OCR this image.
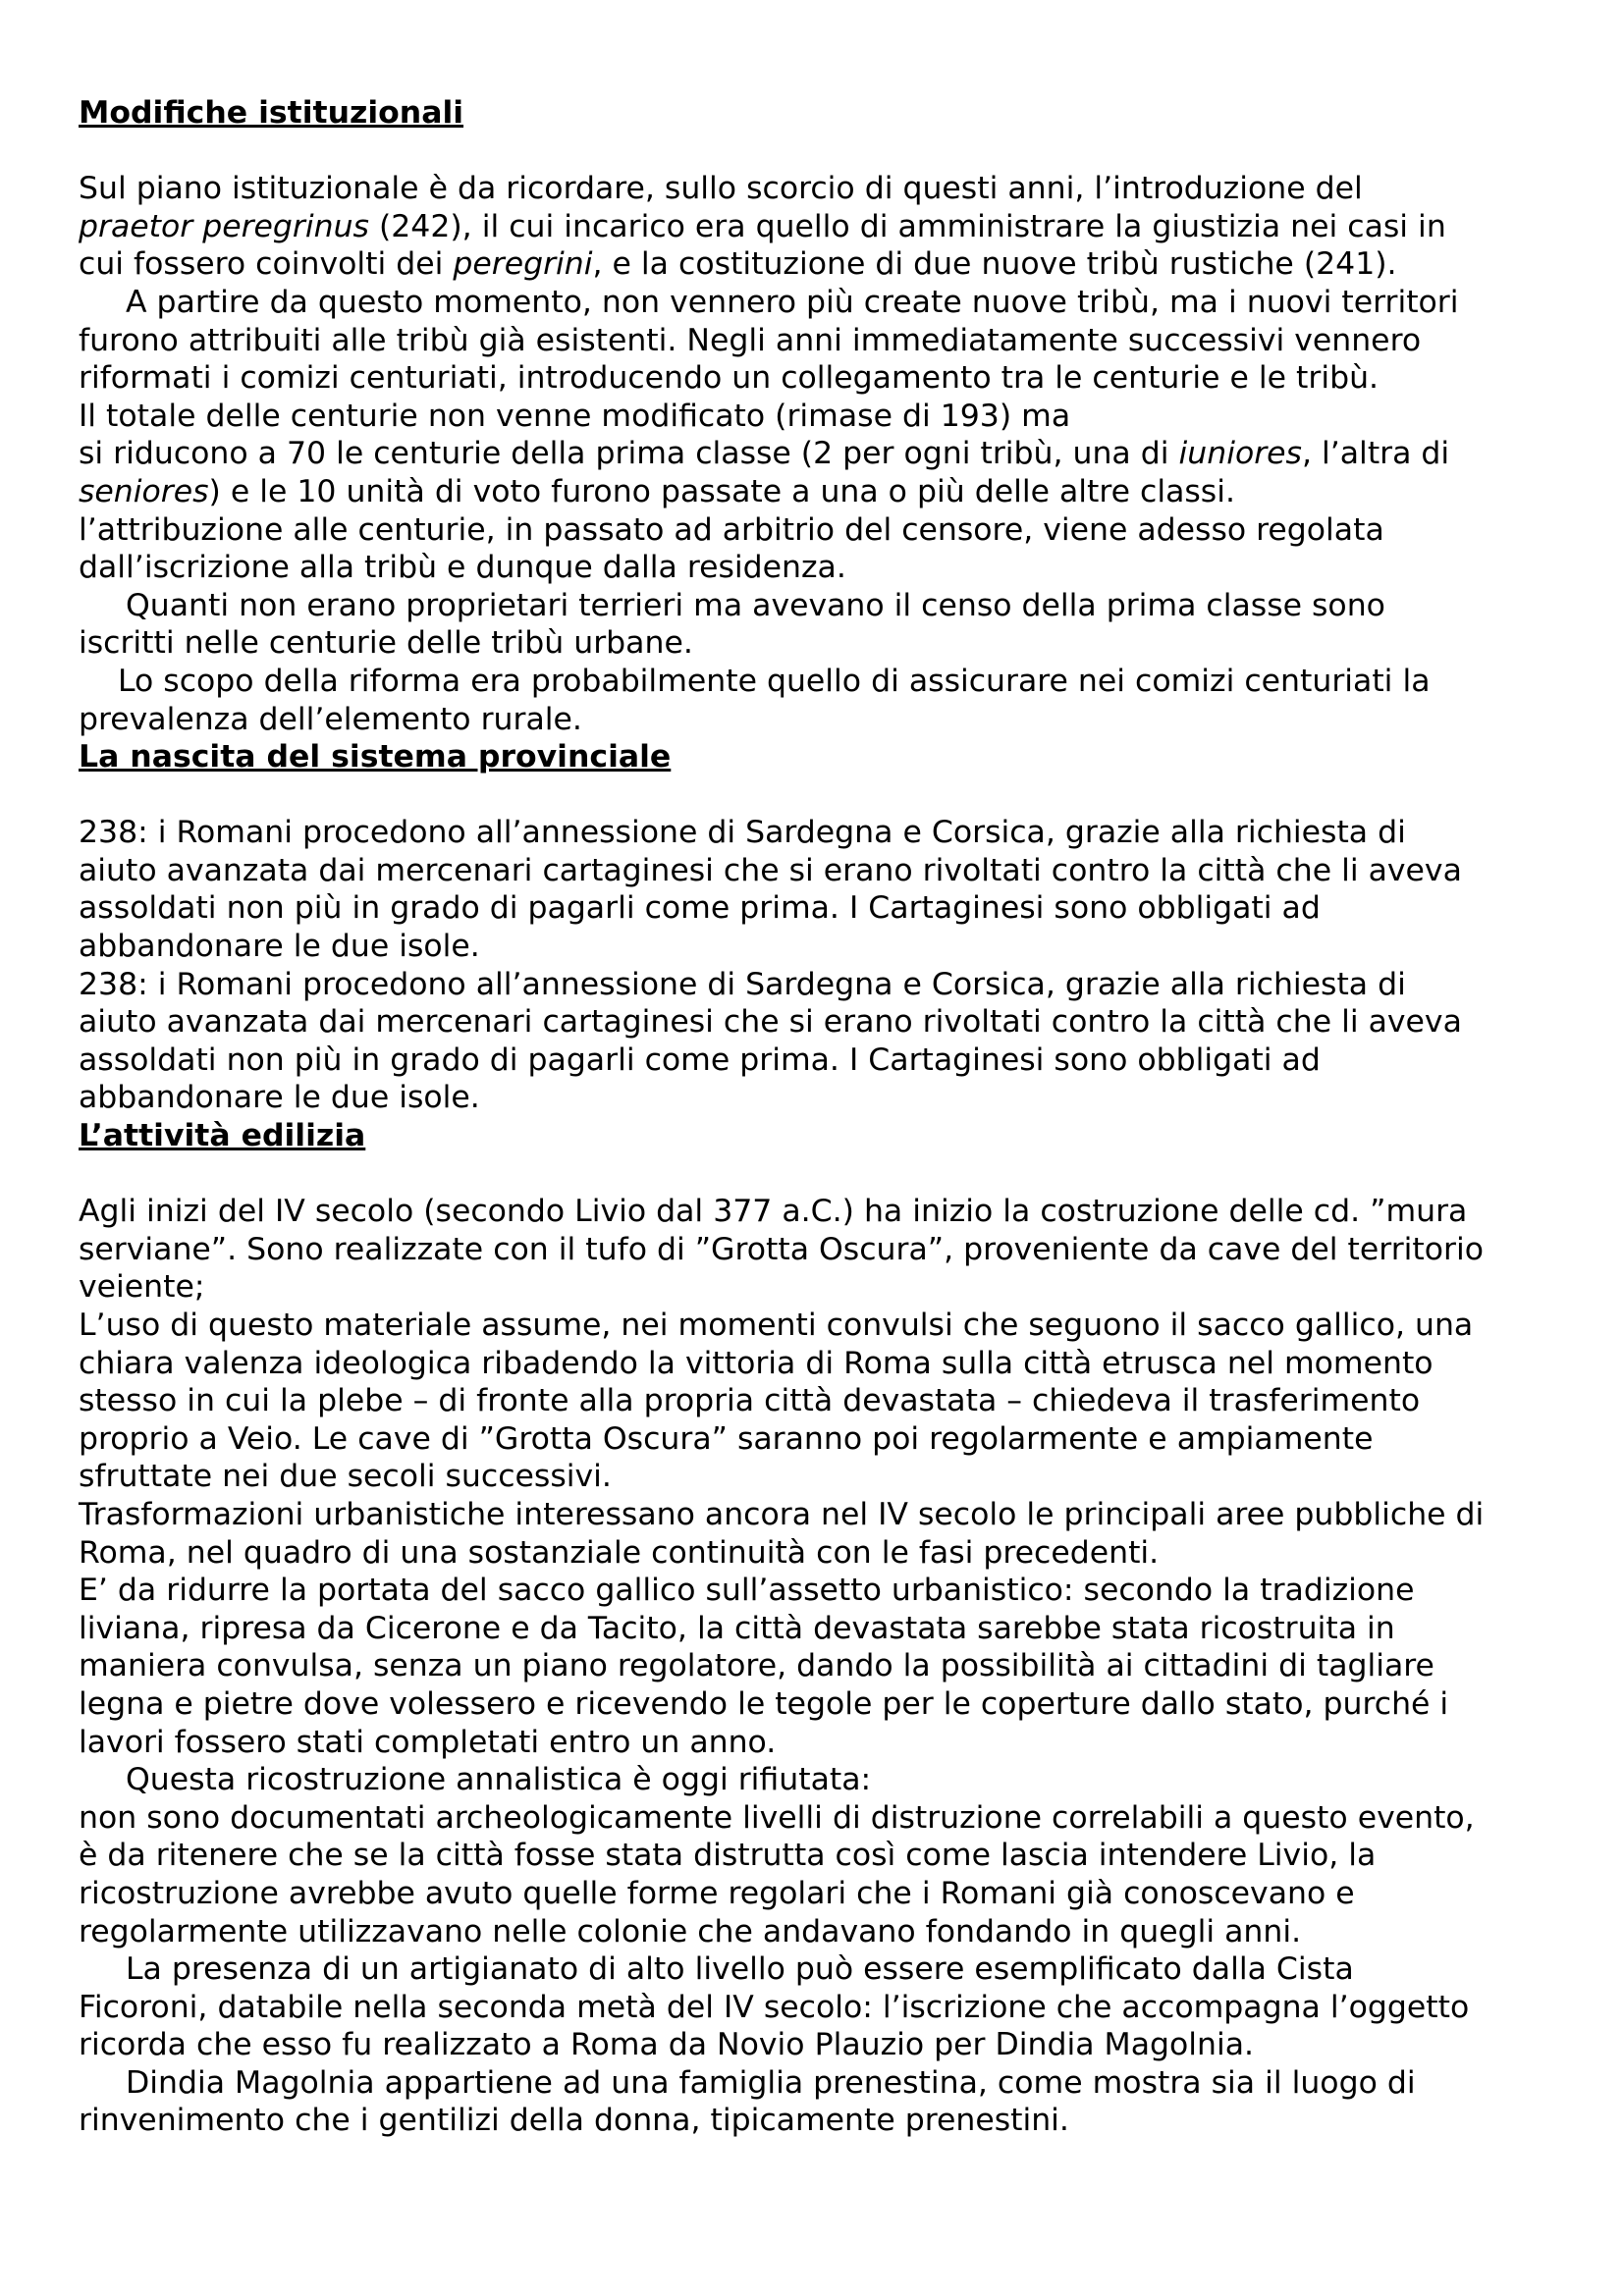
Modifiche istituzionali
Sul piano istituzionale è da ricordare, sullo scorcio di questi anni, l’introduzione del
praetor peregrinus (242), il cui incarico era quello di amministrare la giustizia nei casi in
cui fossero coinvolti dei peregrini, e la costituzione di due nuove tribù rustiche (241).
A partire da questo momento, non vennero più create nuove tribù, ma i nuovi territori
furono attribuiti alle tribù già esistenti. Negli anni immediatamente successivi vennero
riformati i comizi centuriati, introducendo un collegamento tra le centurie e le tribù.
Il totale delle centurie non venne modificato (rimase di 193) ma
si riducono a 70 le centurie della prima classe (2 per ogni tribù, una di iuniores, l’altra di
seniores) e le 10 unità di voto furono passate a una o più delle altre classi.
l’attribuzione alle centurie, in passato ad arbitrio del censore, viene adesso regolata
dall’iscrizione alla tribù e dunque dalla residenza.
Quanti non erano proprietari terrieri ma avevano il censo della prima classe sono
iscritti nelle centurie delle tribù urbane.
Lo scopo della riforma era probabilmente quello di assicurare nei comizi centuriati la
prevalenza dell’elemento rurale.
La nascita del sistema provinciale
238: i Romani procedono all’annessione di Sardegna e Corsica, grazie alla richiesta di
aiuto avanzata dai mercenari cartaginesi che si erano rivoltati contro la città che li aveva
assoldati non più in grado di pagarli come prima. I Cartaginesi sono obbligati ad
abbandonare le due isole.
238: i Romani procedono all’annessione di Sardegna e Corsica, grazie alla richiesta di
aiuto avanzata dai mercenari cartaginesi che si erano rivoltati contro la città che li aveva
assoldati non più in grado di pagarli come prima. I Cartaginesi sono obbligati ad
abbandonare le due isole.
L’attività edilizia
Agli inizi del IV secolo (secondo Livio dal 377 a.C.) ha inizio la costruzione delle cd. ”mura
serviane”. Sono realizzate con il tufo di ”Grotta Oscura”, proveniente da cave del territorio
veiente;
L’uso di questo materiale assume, nei momenti convulsi che seguono il sacco gallico, una
chiara valenza ideologica ribadendo la vittoria di Roma sulla città etrusca nel momento
stesso in cui la plebe – di fronte alla propria città devastata – chiedeva il trasferimento
proprio a Veio. Le cave di ”Grotta Oscura” saranno poi regolarmente e ampiamente
sfruttate nei due secoli successivi.
Trasformazioni urbanistiche interessano ancora nel IV secolo le principali aree pubbliche di
Roma, nel quadro di una sostanziale continuità con le fasi precedenti.
E’ da ridurre la portata del sacco gallico sull’assetto urbanistico: secondo la tradizione
liviana, ripresa da Cicerone e da Tacito, la città devastata sarebbe stata ricostruita in
maniera convulsa, senza un piano regolatore, dando la possibilità ai cittadini di tagliare
legna e pietre dove volessero e ricevendo le tegole per le coperture dallo stato, purché i
lavori fossero stati completati entro un anno.
Questa ricostruzione annalistica è oggi rifiutata:
non sono documentati archeologicamente livelli di distruzione correlabili a questo evento,
è da ritenere che se la città fosse stata distrutta così come lascia intendere Livio, la
ricostruzione avrebbe avuto quelle forme regolari che i Romani già conoscevano e
regolarmente utilizzavano nelle colonie che andavano fondando in quegli anni.
La presenza di un artigianato di alto livello può essere esemplificato dalla Cista
Ficoroni, databile nella seconda metà del IV secolo: l’iscrizione che accompagna l’oggetto
ricorda che esso fu realizzato a Roma da Novio Plauzio per Dindia Magolnia.
Dindia Magolnia appartiene ad una famiglia prenestina, come mostra sia il luogo di
rinvenimento che i gentilizi della donna, tipicamente prenestini.
